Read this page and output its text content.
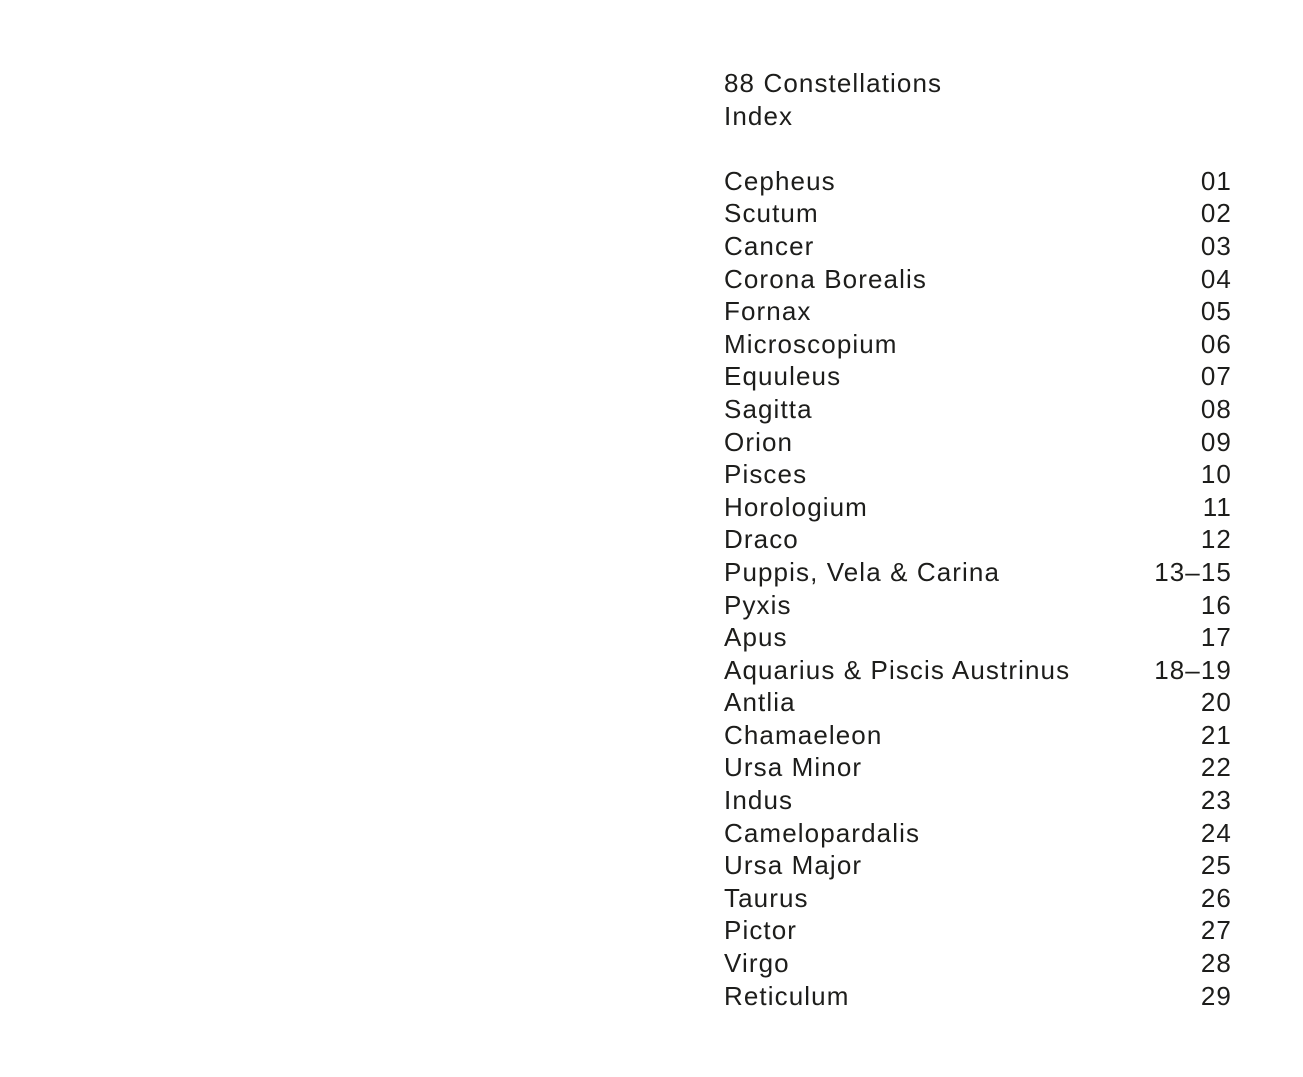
88 Constellations
Index
Cepheus	01
Scutum	02
Cancer	03
Corona Borealis	04
Fornax	05
Microscopium	06
Equuleus	07
Sagitta	08
Orion	09
Pisces	10
Horologium	11
Draco	12
Puppis, Vela & Carina	13–15
Pyxis	16
Apus	17
Aquarius & Piscis Austrinus	18–19
Antlia	20
Chamaeleon	21
Ursa Minor	22
Indus	23
Camelopardalis	24
Ursa Major	25
Taurus	26
Pictor	27
Virgo	28
Reticulum	29
